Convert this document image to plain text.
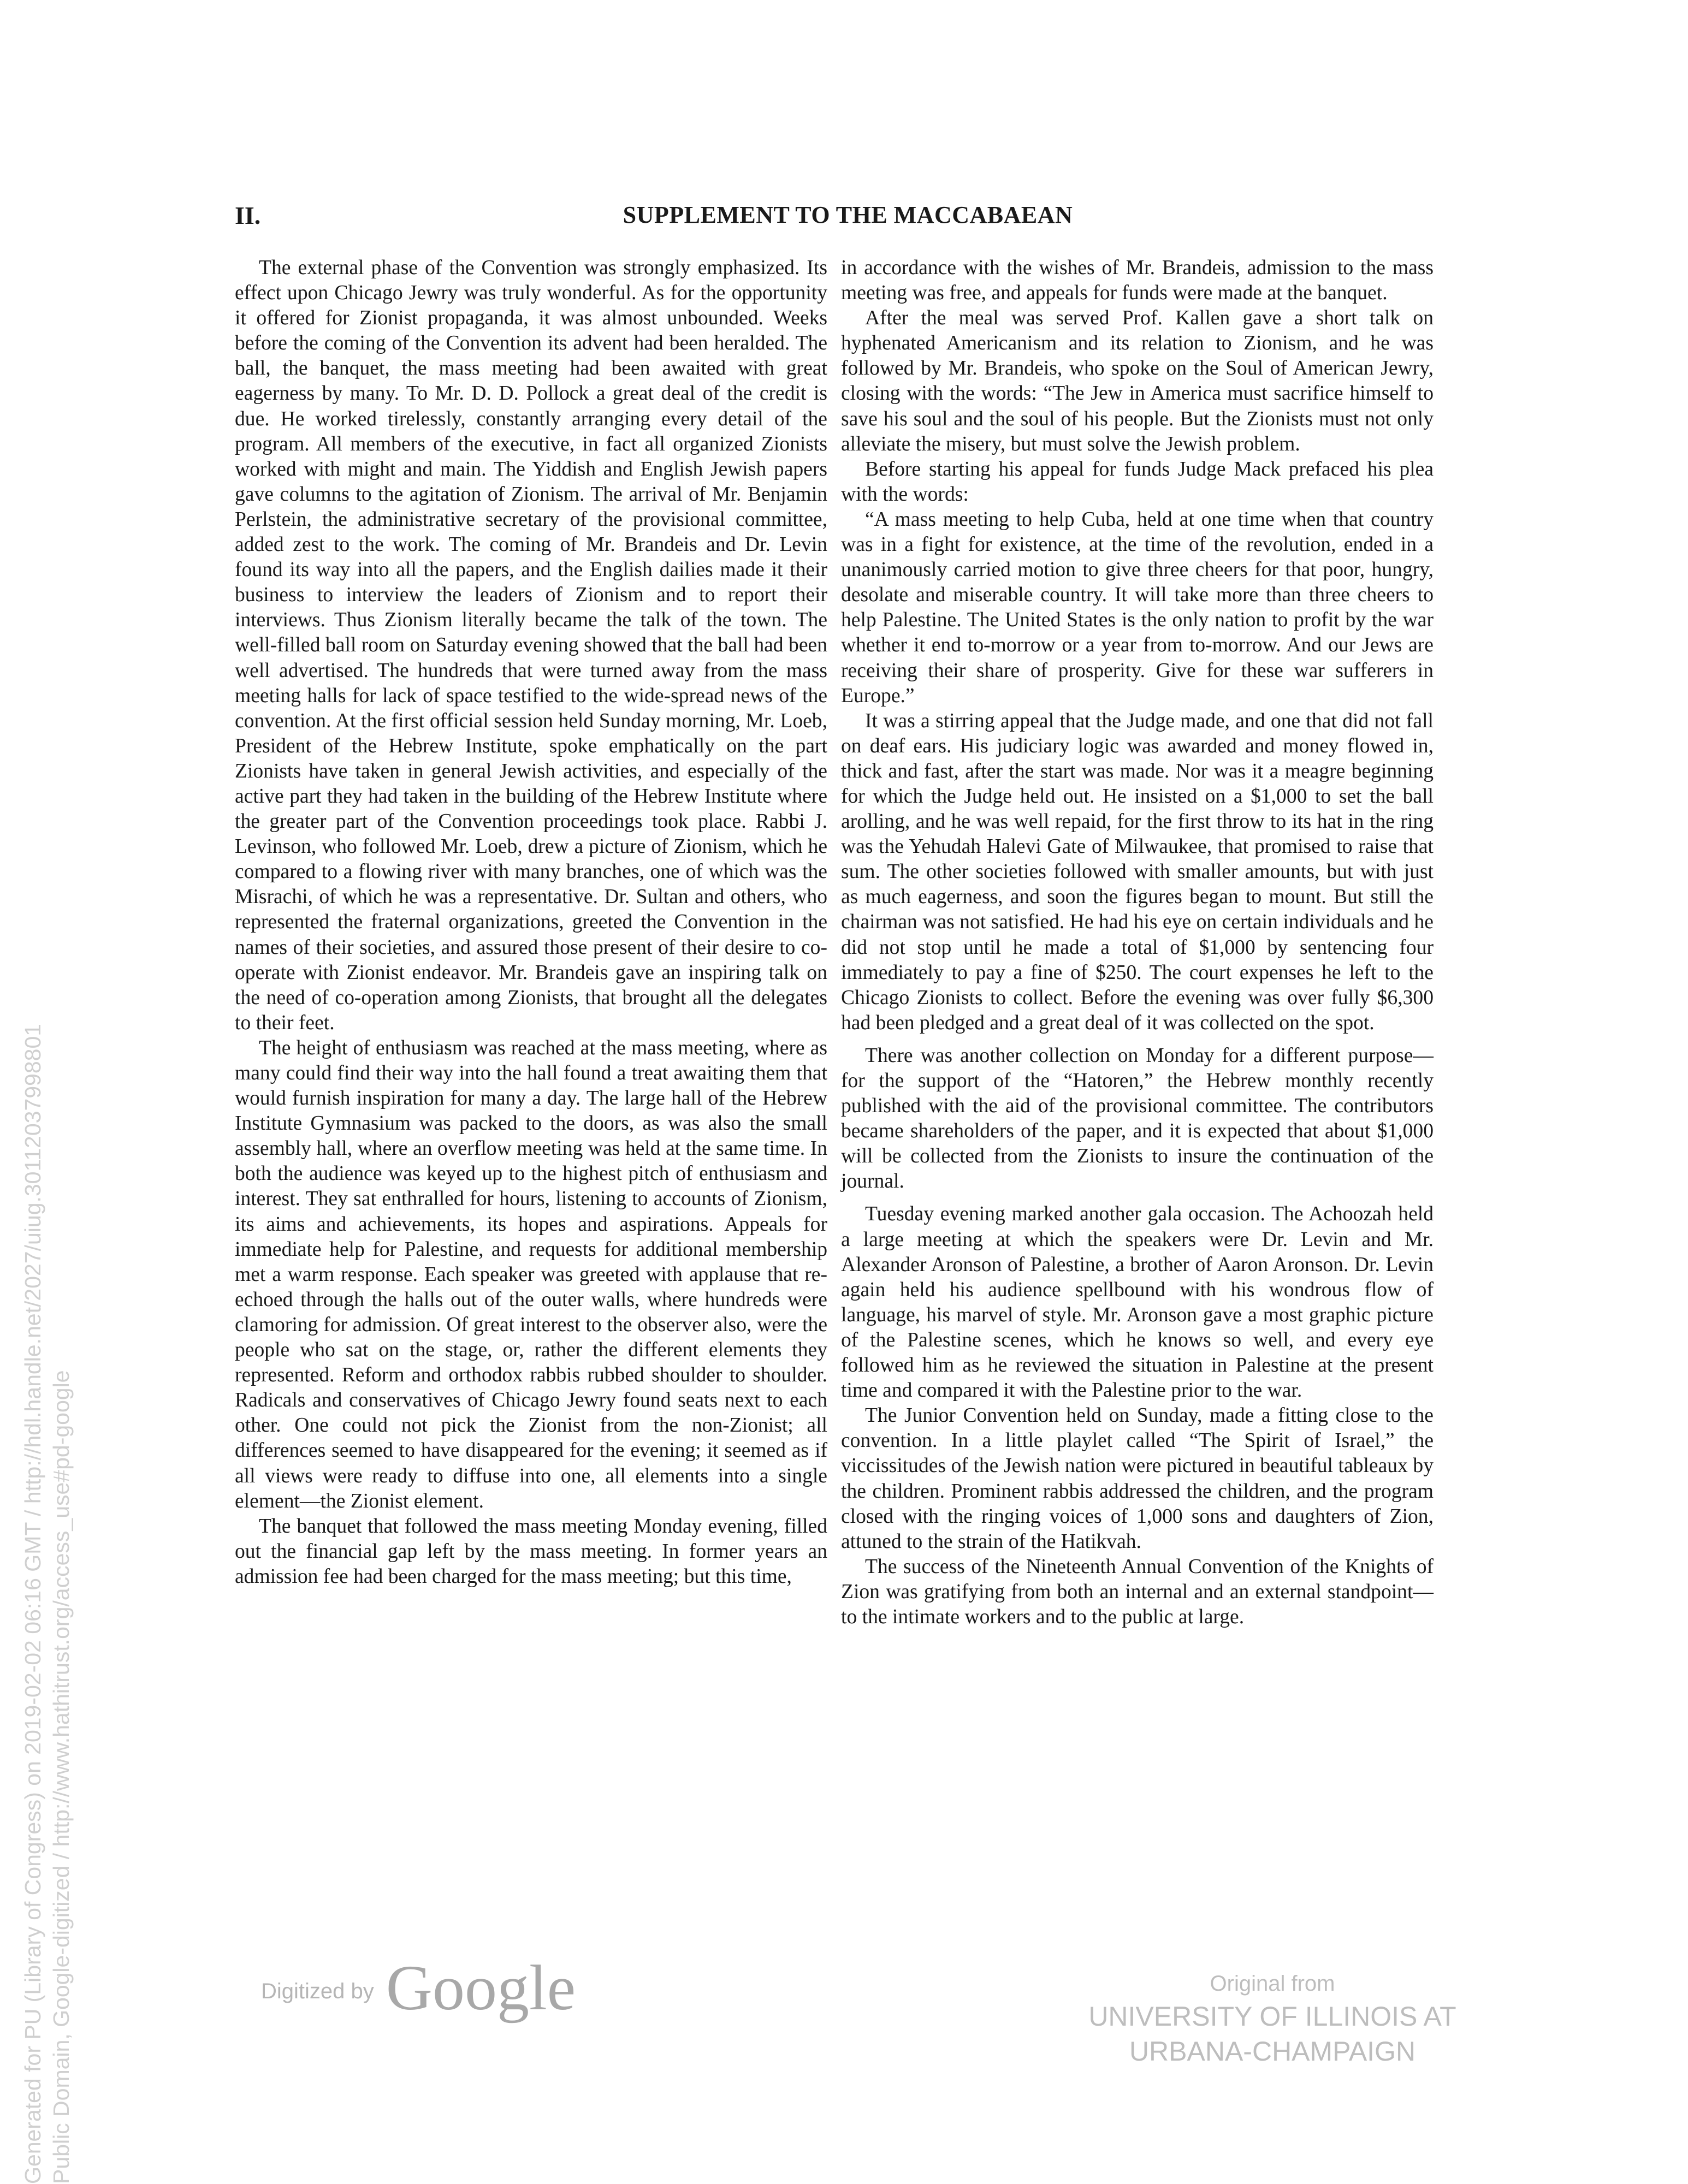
II.	SUPPLEMENT TO THE MACCABAEAN

The external phase of the Convention was strongly emphasized. Its effect upon Chicago Jewry was truly wonderful. As for the opportunity it offered for Zionist propaganda, it was almost unbounded. Weeks before the coming of the Convention its advent had been heralded. The ball, the banquet, the mass meeting had been awaited with great eagerness by many. To Mr. D. D. Pollock a great deal of the credit is due. He worked tirelessly, constantly arranging every detail of the program. All members of the executive, in fact all organized Zionists worked with might and main. The Yiddish and English Jewish papers gave columns to the agitation of Zionism. The arrival of Mr. Benjamin Perlstein, the administrative secretary of the provisional committee, added zest to the work. The coming of Mr. Brandeis and Dr. Levin found its way into all the papers, and the English dailies made it their business to interview the leaders of Zionism and to report their interviews. Thus Zionism literally became the talk of the town. The well-filled ball room on Saturday evening showed that the ball had been well advertised. The hundreds that were turned away from the mass meeting halls for lack of space testified to the wide-spread news of the convention. At the first official session held Sunday morning, Mr. Loeb, President of the Hebrew Institute, spoke emphatically on the part Zionists have taken in general Jewish activities, and especially of the active part they had taken in the building of the Hebrew Institute where the greater part of the Convention proceedings took place. Rabbi J. Levinson, who followed Mr. Loeb, drew a picture of Zionism, which he compared to a flowing river with many branches, one of which was the Misrachi, of which he was a representative. Dr. Sultan and others, who represented the fraternal organizations, greeted the Convention in the names of their societies, and assured those present of their desire to co-operate with Zionist endeavor. Mr. Brandeis gave an inspiring talk on the need of co-operation among Zionists, that brought all the delegates to their feet.

The height of enthusiasm was reached at the mass meeting, where as many could find their way into the hall found a treat awaiting them that would furnish inspiration for many a day. The large hall of the Hebrew Institute Gymnasium was packed to the doors, as was also the small assembly hall, where an overflow meeting was held at the same time. In both the audience was keyed up to the highest pitch of enthusiasm and interest. They sat enthralled for hours, listening to accounts of Zionism, its aims and achievements, its hopes and aspirations. Appeals for immediate help for Palestine, and requests for additional membership met a warm response. Each speaker was greeted with applause that re-echoed through the halls out of the outer walls, where hundreds were clamoring for admission. Of great interest to the observer also, were the people who sat on the stage, or, rather the different elements they represented. Reform and orthodox rabbis rubbed shoulder to shoulder. Radicals and conservatives of Chicago Jewry found seats next to each other. One could not pick the Zionist from the non-Zionist; all differences seemed to have disappeared for the evening; it seemed as if all views were ready to diffuse into one, all elements into a single element—the Zionist element.

The banquet that followed the mass meeting Monday evening, filled out the financial gap left by the mass meeting. In former years an admission fee had been charged for the mass meeting; but this time,

in accordance with the wishes of Mr. Brandeis, admission to the mass meeting was free, and appeals for funds were made at the banquet.

After the meal was served Prof. Kallen gave a short talk on hyphenated Americanism and its relation to Zionism, and he was followed by Mr. Brandeis, who spoke on the Soul of American Jewry, closing with the words: “The Jew in America must sacrifice himself to save his soul and the soul of his people. But the Zionists must not only alleviate the misery, but must solve the Jewish problem.

Before starting his appeal for funds Judge Mack prefaced his plea with the words:

“A mass meeting to help Cuba, held at one time when that country was in a fight for existence, at the time of the revolution, ended in a unanimously carried motion to give three cheers for that poor, hungry, desolate and miserable country. It will take more than three cheers to help Palestine. The United States is the only nation to profit by the war whether it end to-morrow or a year from to-morrow. And our Jews are receiving their share of prosperity. Give for these war sufferers in Europe.”

It was a stirring appeal that the Judge made, and one that did not fall on deaf ears. His judiciary logic was awarded and money flowed in, thick and fast, after the start was made. Nor was it a meagre beginning for which the Judge held out. He insisted on a $1,000 to set the ball arolling, and he was well repaid, for the first throw to its hat in the ring was the Yehudah Halevi Gate of Milwaukee, that promised to raise that sum. The other societies followed with smaller amounts, but with just as much eagerness, and soon the figures began to mount. But still the chairman was not satisfied. He had his eye on certain individuals and he did not stop until he made a total of $1,000 by sentencing four immediately to pay a fine of $250. The court expenses he left to the Chicago Zionists to collect. Before the evening was over fully $6,300 had been pledged and a great deal of it was collected on the spot.

There was another collection on Monday for a different purpose—for the support of the “Hatoren,” the Hebrew monthly recently published with the aid of the provisional committee. The contributors became shareholders of the paper, and it is expected that about $1,000 will be collected from the Zionists to insure the continuation of the journal.

Tuesday evening marked another gala occasion. The Achoozah held a large meeting at which the speakers were Dr. Levin and Mr. Alexander Aronson of Palestine, a brother of Aaron Aronson. Dr. Levin again held his audience spellbound with his wondrous flow of language, his marvel of style. Mr. Aronson gave a most graphic picture of the Palestine scenes, which he knows so well, and every eye followed him as he reviewed the situation in Palestine at the present time and compared it with the Palestine prior to the war.

The Junior Convention held on Sunday, made a fitting close to the convention. In a little playlet called “The Spirit of Israel,” the viccissitudes of the Jewish nation were pictured in beautiful tableaux by the children. Prominent rabbis addressed the children, and the program closed with the ringing voices of 1,000 sons and daughters of Zion, attuned to the strain of the Hatikvah.

The success of the Nineteenth Annual Convention of the Knights of Zion was gratifying from both an internal and an external standpoint—to the intimate workers and to the public at large.

Generated for PU (Library of Congress) on 2019-02-02 06:16 GMT / http://hdl.handle.net/2027/uiug.30112037998801 Public Domain, Google-digitized / http://www.hathitrust.org/access_use#pd-google	Digitized by Google	Original from
UNIVERSITY OF ILLINOIS AT
URBANA-CHAMPAIGN
